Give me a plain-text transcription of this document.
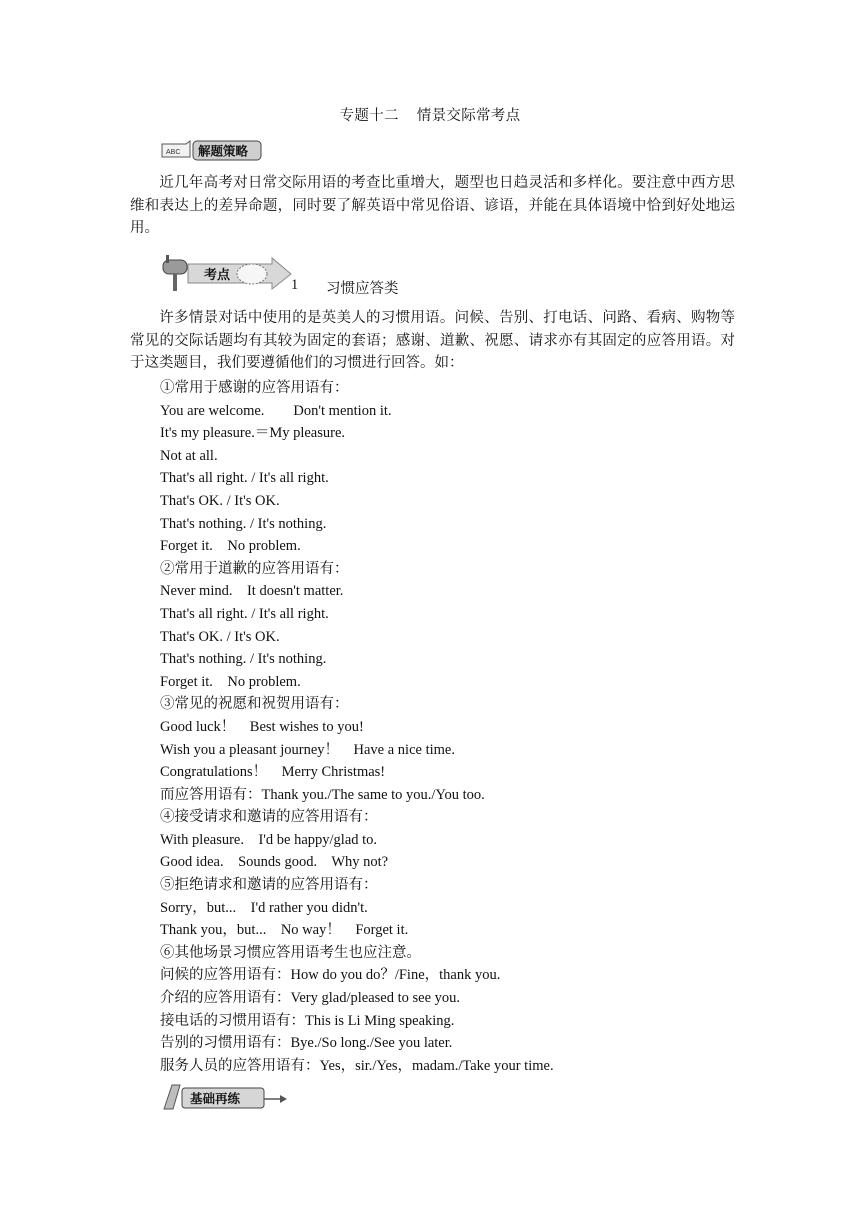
专题十二 情景交际常考点
ABC 解题策略
近几年高考对日常交际用语的考查比重增大，题型也日趋灵活和多样化。要注意中西方思维和表达上的差异命题，同时要了解英语中常见俗语、谚语，并能在具体语境中恰到好处地运用。
考点
1 习惯应答类
许多情景对话中使用的是英美人的习惯用语。问候、告别、打电话、问路、看病、购物等常见的交际话题均有其较为固定的套语；感谢、道歉、祝愿、请求亦有其固定的应答用语。对于这类题目，我们要遵循他们的习惯进行回答。如：
①常用于感谢的应答用语有：
You are welcome.        Don't mention it.
It's my pleasure.＝My pleasure.
Not at all.
That's all right. / It's all right.
That's OK. / It's OK.
That's nothing. / It's nothing.
Forget it.    No problem.
②常用于道歉的应答用语有：
Never mind.    It doesn't matter.
That's all right. / It's all right.
That's OK. / It's OK.
That's nothing. / It's nothing.
Forget it.    No problem.
③常见的祝愿和祝贺用语有：
Good luck！    Best wishes to you!
Wish you a pleasant journey！    Have a nice time.
Congratulations！    Merry Christmas!
而应答用语有：Thank you./The same to you./You too.
④接受请求和邀请的应答用语有：
With pleasure.    I'd be happy/glad to.
Good idea.    Sounds good.    Why not?
⑤拒绝请求和邀请的应答用语有：
Sorry，but...    I'd rather you didn't.
Thank you，but...    No way！    Forget it.
⑥其他场景习惯应答用语考生也应注意。
问候的应答用语有：How do you do？/Fine，thank you.
介绍的应答用语有：Very glad/pleased to see you.
接电话的习惯用语有：This is Li Ming speaking.
告别的习惯用语有：Bye./So long./See you later.
服务人员的应答用语有：Yes，sir./Yes，madam./Take your time.
基础再练
